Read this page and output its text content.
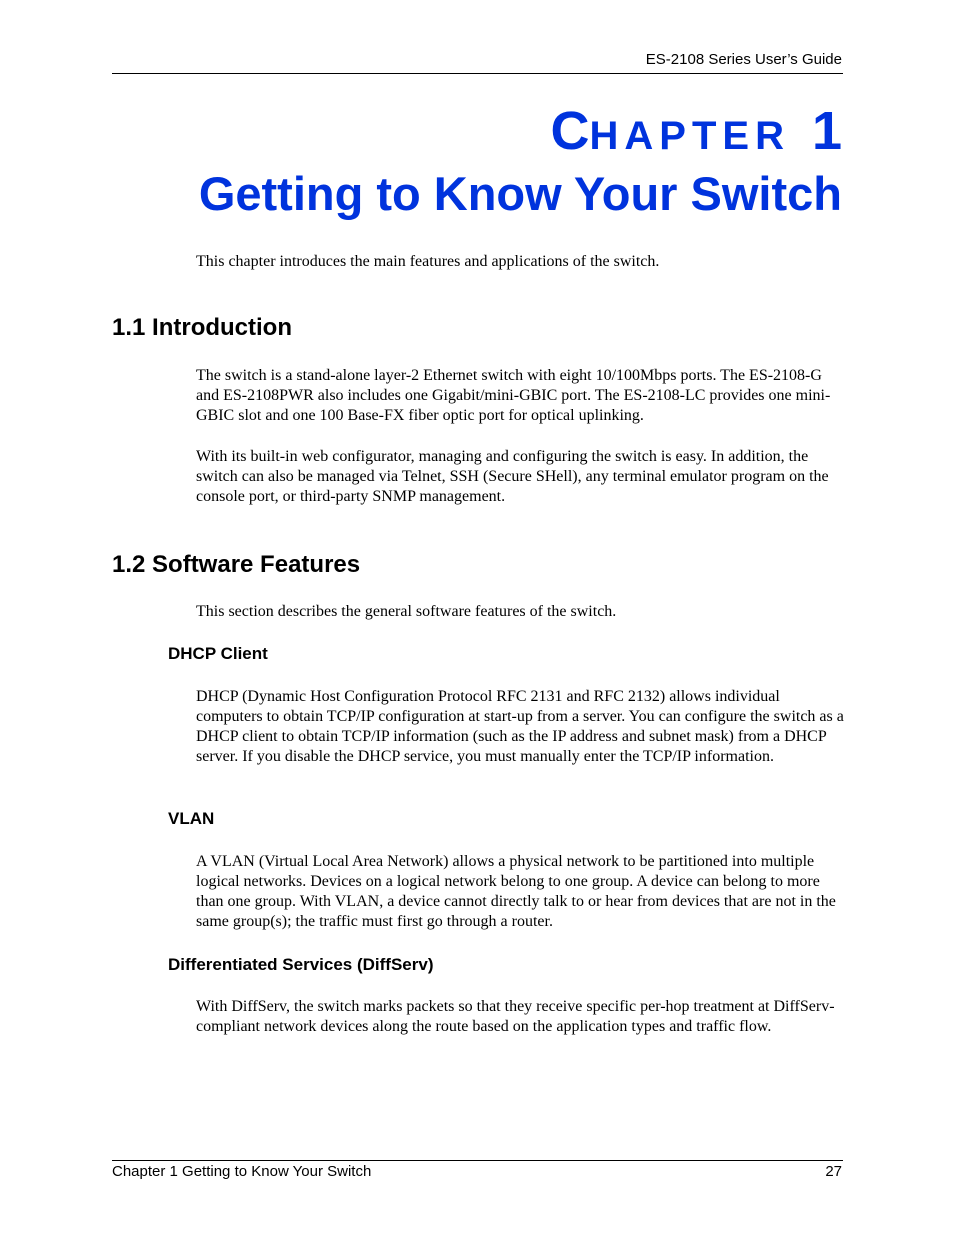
ES-2108 Series User’s Guide
CHAPTER 1
Getting to Know Your Switch

This chapter introduces the main features and applications of the switch.

1.1 Introduction

The switch is a stand-alone layer-2 Ethernet switch with eight 10/100Mbps ports. The ES-2108-G and ES-2108PWR also includes one Gigabit/mini-GBIC port. The ES-2108-LC provides one mini-GBIC slot and one 100 Base-FX fiber optic port for optical uplinking.

With its built-in web configurator, managing and configuring the switch is easy. In addition, the switch can also be managed via Telnet, SSH (Secure SHell), any terminal emulator program on the console port, or third-party SNMP management.

1.2 Software Features

This section describes the general software features of the switch.

DHCP Client

DHCP (Dynamic Host Configuration Protocol RFC 2131 and RFC 2132) allows individual computers to obtain TCP/IP configuration at start-up from a server. You can configure the switch as a DHCP client to obtain TCP/IP information (such as the IP address and subnet mask) from a DHCP server. If you disable the DHCP service, you must manually enter the TCP/IP information.

VLAN

A VLAN (Virtual Local Area Network) allows a physical network to be partitioned into multiple logical networks. Devices on a logical network belong to one group. A device can belong to more than one group. With VLAN, a device cannot directly talk to or hear from devices that are not in the same group(s); the traffic must first go through a router.

Differentiated Services (DiffServ)

With DiffServ, the switch marks packets so that they receive specific per-hop treatment at DiffServ-compliant network devices along the route based on the application types and traffic flow.

Chapter 1 Getting to Know Your Switch	27
